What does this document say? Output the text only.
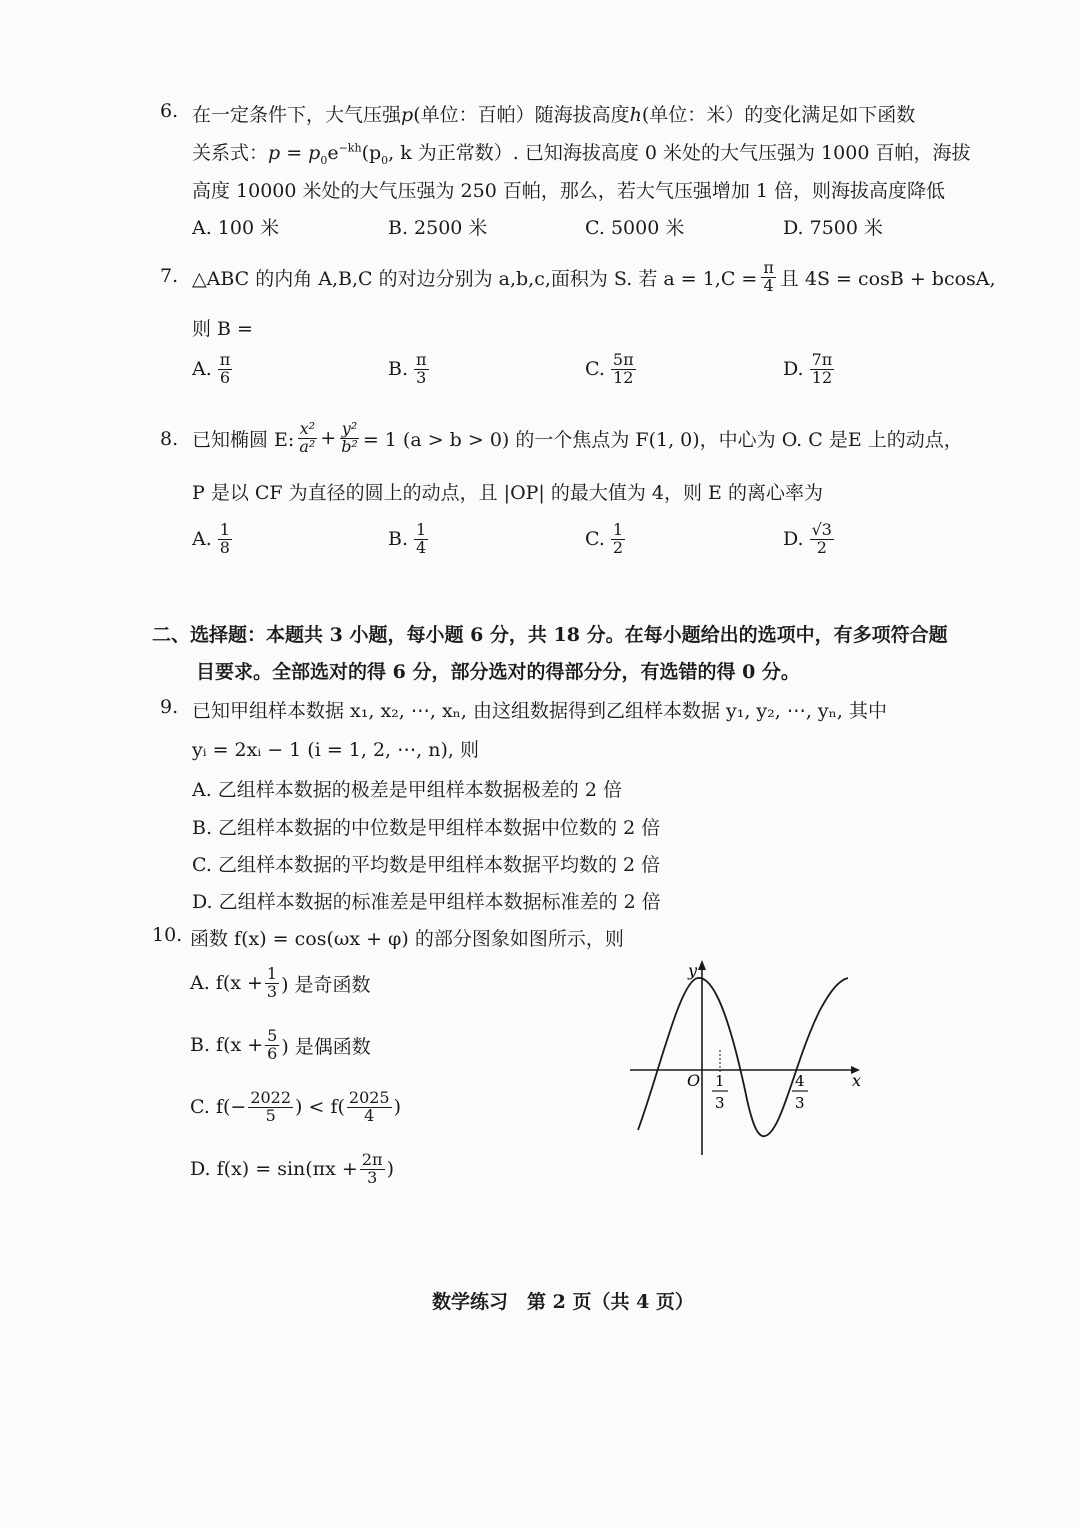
6. 在一定条件下，大气压强p(单位：百帕）随海拔高度h(单位：米）的变化满足如下函数
关系式：$p = p_0e^{-kh}(p_0$, k 为正常数）. 已知海拔高度 0 米处的大气压强为 1000 百帕，海拔
高度 10000 米处的大气压强为 250 百帕，那么，若大气压强增加 1 倍，则海拔高度降低
A. 100 米	B. 2500 米	C. 5000 米	D. 7500 米
7. △ABC 的内角 A,B,C 的对边分别为 a,b,c,面积为 S. 若 $a = 1,C = \frac{\pi}{4}$ 且 4S = cosB + bcosA,
则 B =
A. $\frac{\pi}{6}$	B. $\frac{\pi}{3}$	C. $\frac{5\pi}{12}$	D. $\frac{7\pi}{12}$
8. 已知椭圆 E: $\frac{\text{x²}}{\text{a²}} + \frac{\text{y²}}{\text{b²}} = 1$ (a > b > 0) 的一个焦点为 F(1, 0)，中心为 O. C 是E 上的动点，
P 是以 CF 为直径的圆上的动点，且 |OP| 的最大值为 4，则 E 的离心率为
A. $\frac{1}{8}$	B. $\frac{1}{4}$	C. $\frac{1}{2}$	D. $\frac{√3}{2}$
二、选择题：本题共 3 小题，每小题 6 分，共 18 分。在每小题给出的选项中，有多项符合题
目要求。全部选对的得 6 分，部分选对的得部分分，有选错的得 0 分。
9. 已知甲组样本数据 x₁, x₂, ⋯, xₙ, 由这组数据得到乙组样本数据 y₁, y₂, ⋯, yₙ, 其中
yᵢ = 2xᵢ − 1 (i = 1, 2, ⋯, n), 则
A. 乙组样本数据的极差是甲组样本数据极差的 2 倍
B. 乙组样本数据的中位数是甲组样本数据中位数的 2 倍
C. 乙组样本数据的平均数是甲组样本数据平均数的 2 倍
D. 乙组样本数据的标准差是甲组样本数据标准差的 2 倍
10. 函数 f(x) = cos(ωx + φ) 的部分图象如图所示，则
A. $f(x + \frac{1}{3}$ ) 是奇函数
B. $f(x + \frac{5}{6}$ ) 是偶函数
C. $f(- \frac{2022}{5}$ ) < $f( \frac{2025}{4}$ )
D. $f(x) = \sin(\pi x + \frac{2\pi}{3}$ )
y
x
O 1
3
4
3
数学练习　第 2 页（共 4 页）
